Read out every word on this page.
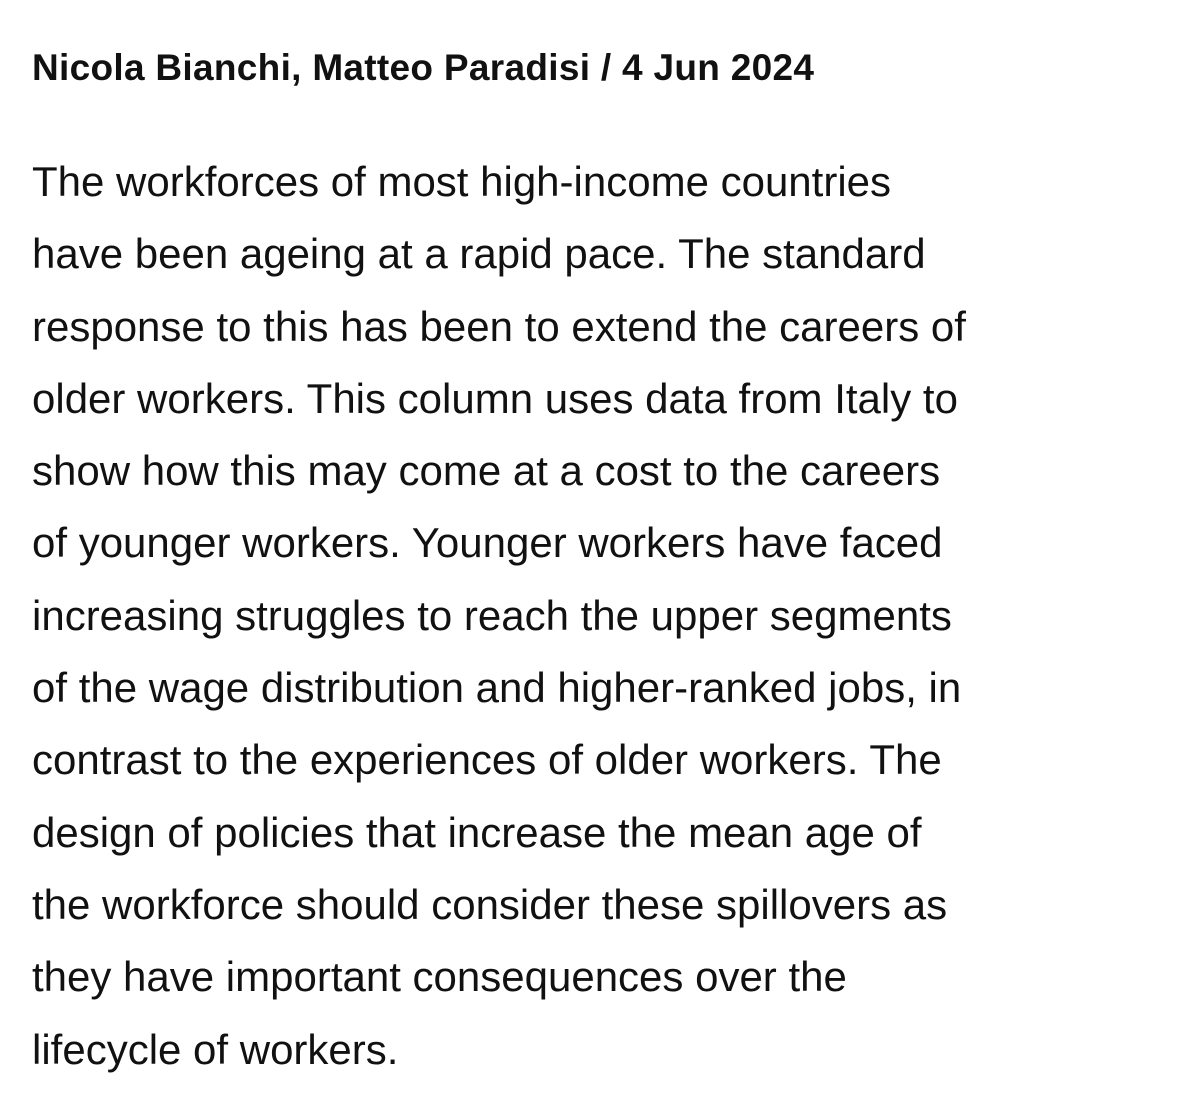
Nicola Bianchi, Matteo Paradisi / 4 Jun 2024

The workforces of most high-income countries
have been ageing at a rapid pace. The standard
response to this has been to extend the careers of
older workers. This column uses data from Italy to
show how this may come at a cost to the careers
of younger workers. Younger workers have faced
increasing struggles to reach the upper segments
of the wage distribution and higher-ranked jobs, in
contrast to the experiences of older workers. The
design of policies that increase the mean age of
the workforce should consider these spillovers as
they have important consequences over the
lifecycle of workers.
